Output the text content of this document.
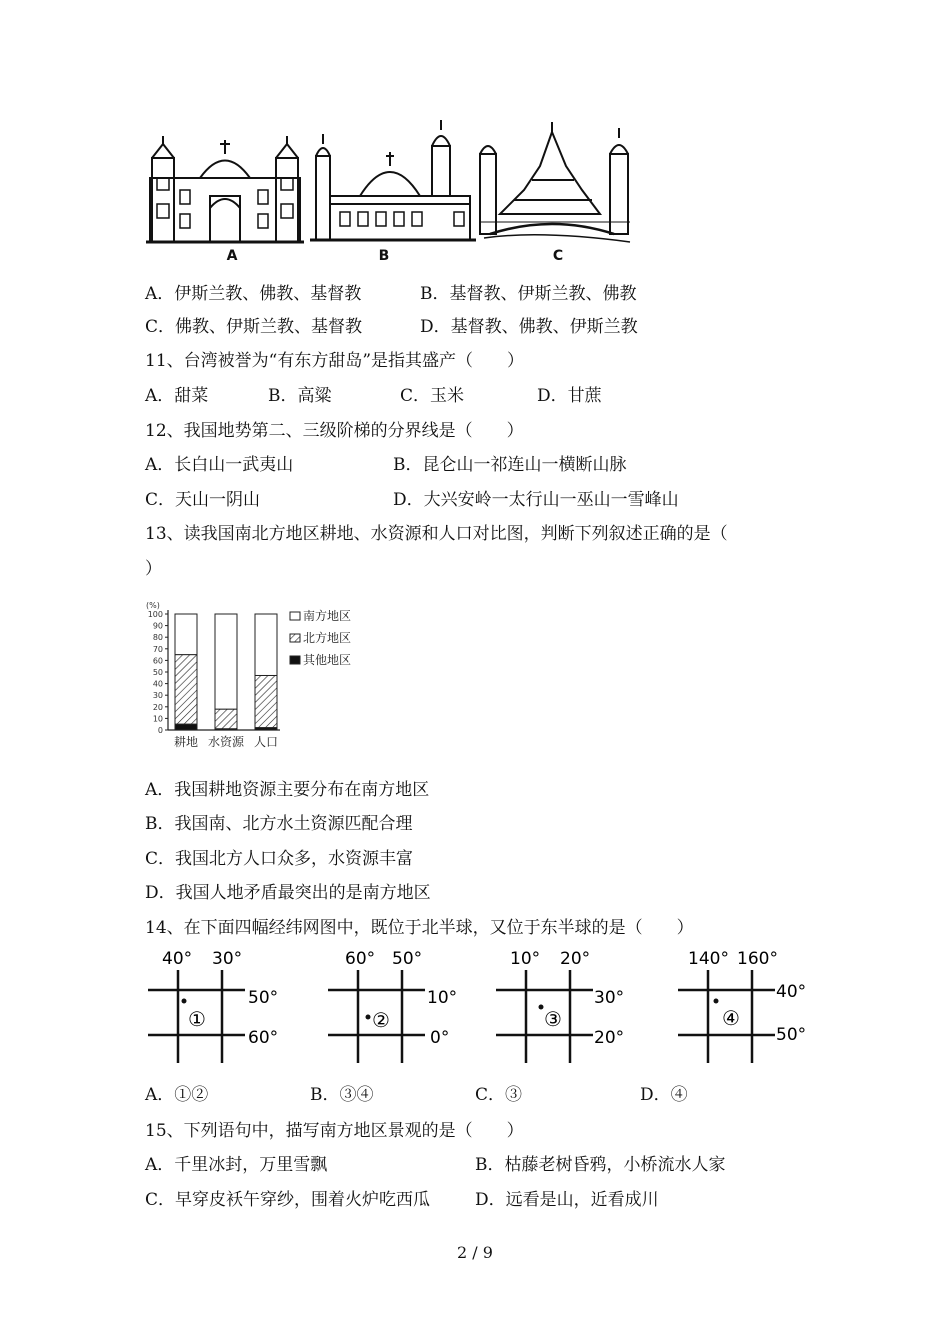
A	B	C
A．伊斯兰教、佛教、基督教	B．基督教、伊斯兰教、佛教
C．佛教、伊斯兰教、基督教	D．基督教、佛教、伊斯兰教
11、台湾被誉为“有东方甜岛”是指其盛产（　　）
A．甜菜	B．高粱	C．玉米	D．甘蔗
12、我国地势第二、三级阶梯的分界线是（　　）
A．长白山一武夷山	B．昆仑山一祁连山一横断山脉
C．天山一阴山	D．大兴安岭一太行山一巫山一雪峰山
13、读我国南北方地区耕地、水资源和人口对比图，判断下列叙述正确的是（
）
(%)
0
10
20
30
40
50
60
70
80
90
100
耕地 水资源 人口
南方地区
北方地区
其他地区
A．我国耕地资源主要分布在南方地区
B．我国南、北方水土资源匹配合理
C．我国北方人口众多，水资源丰富
D．我国人地矛盾最突出的是南方地区
14、在下面四幅经纬网图中，既位于北半球，又位于东半球的是（　　）
40° 30°
50°
60°
①
60° 50°
10°
0°
②
10° 20°
30°
20°
③
140° 160°
40°
50°
④
A．①②	B．③④	C．③	D．④
15、下列语句中，描写南方地区景观的是（　　）
A．千里冰封，万里雪飘	B．枯藤老树昏鸦，小桥流水人家
C．早穿皮袄午穿纱，围着火炉吃西瓜	D．远看是山，近看成川
2 / 9
